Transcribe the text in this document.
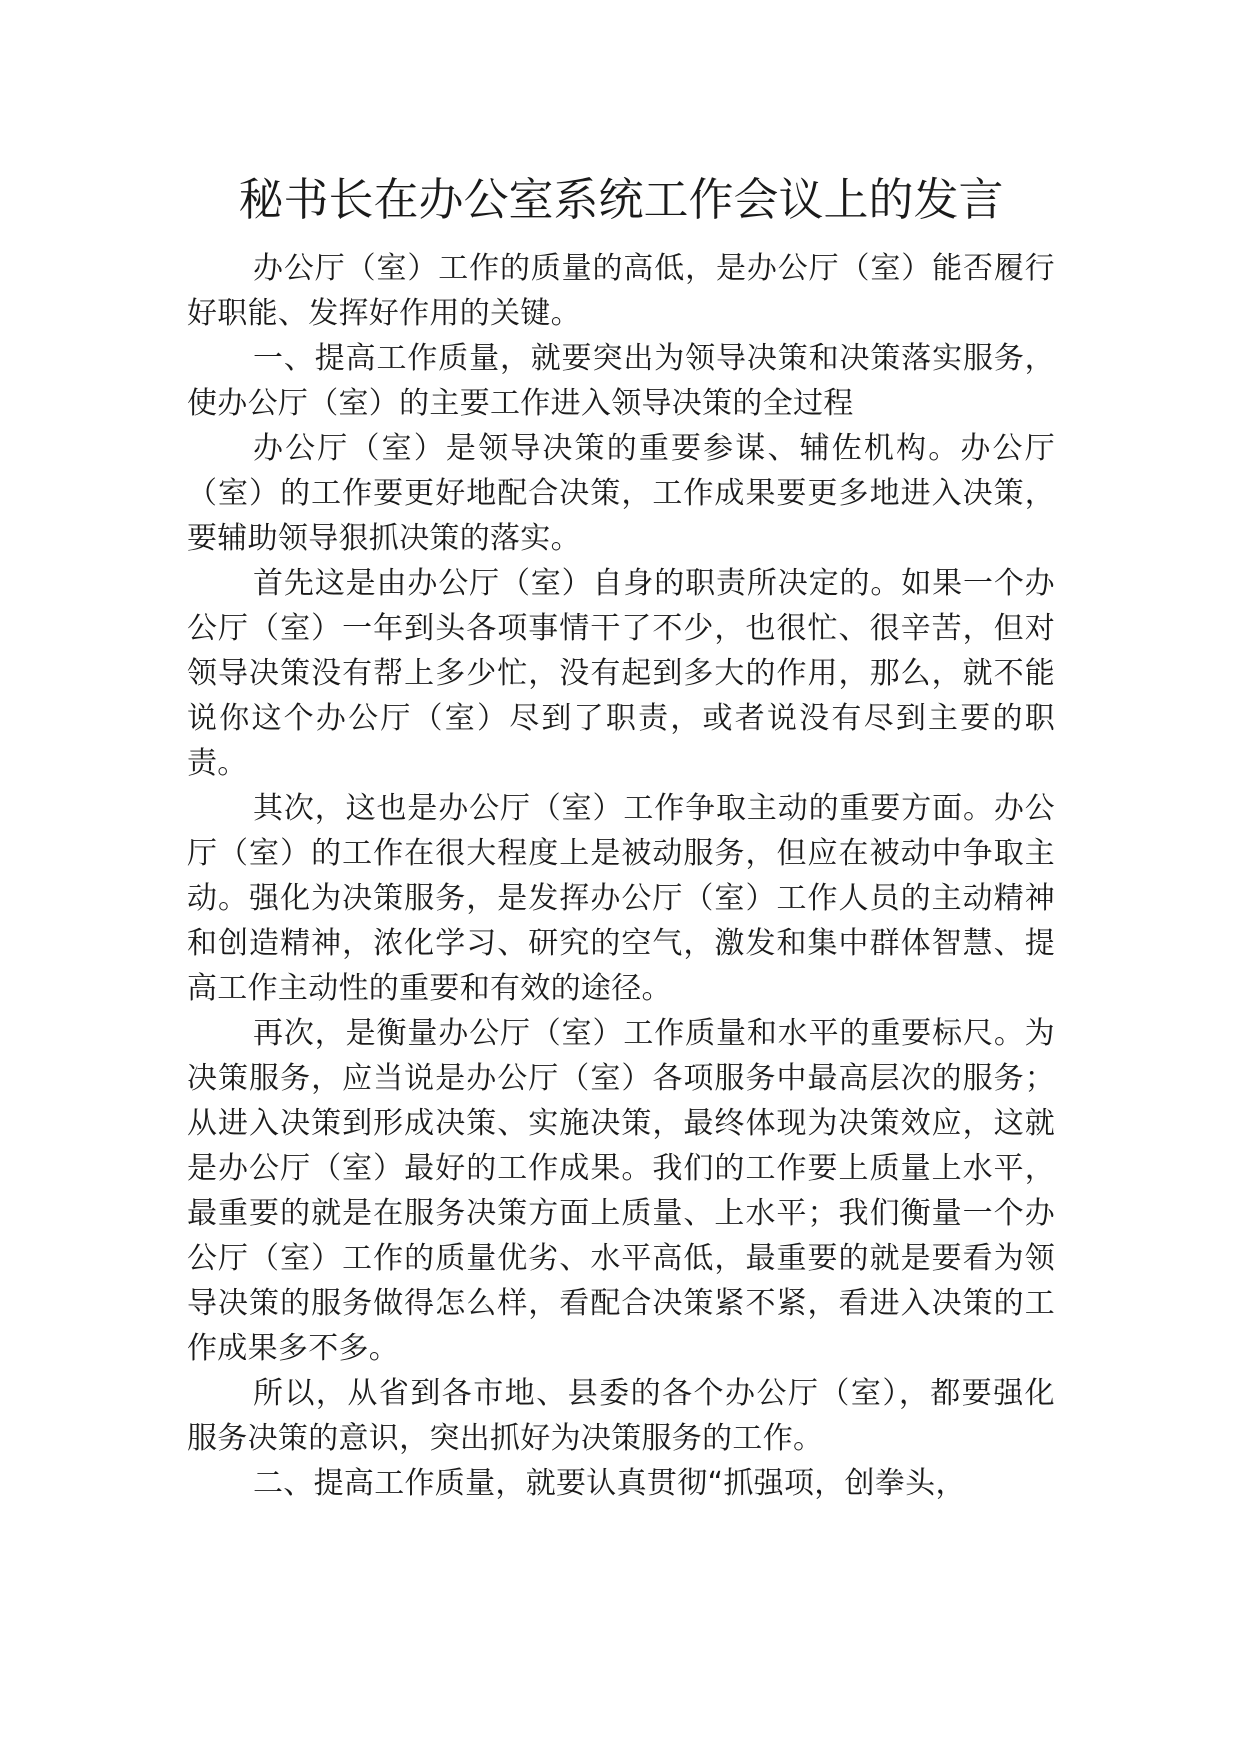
秘书长在办公室系统工作会议上的发言

办公厅（室）工作的质量的高低，是办公厅（室）能否履行好职能、发挥好作用的关键。

一、提高工作质量，就要突出为领导决策和决策落实服务，使办公厅（室）的主要工作进入领导决策的全过程

办公厅（室）是领导决策的重要参谋、辅佐机构。办公厅（室）的工作要更好地配合决策，工作成果要更多地进入决策，要辅助领导狠抓决策的落实。

首先这是由办公厅（室）自身的职责所决定的。如果一个办公厅（室）一年到头各项事情干了不少，也很忙、很辛苦，但对领导决策没有帮上多少忙，没有起到多大的作用，那么，就不能说你这个办公厅（室）尽到了职责，或者说没有尽到主要的职责。

其次，这也是办公厅（室）工作争取主动的重要方面。办公厅（室）的工作在很大程度上是被动服务，但应在被动中争取主动。强化为决策服务，是发挥办公厅（室）工作人员的主动精神和创造精神，浓化学习、研究的空气，激发和集中群体智慧、提高工作主动性的重要和有效的途径。

再次，是衡量办公厅（室）工作质量和水平的重要标尺。为决策服务，应当说是办公厅（室）各项服务中最高层次的服务；从进入决策到形成决策、实施决策，最终体现为决策效应，这就是办公厅（室）最好的工作成果。我们的工作要上质量上水平，最重要的就是在服务决策方面上质量、上水平；我们衡量一个办公厅（室）工作的质量优劣、水平高低，最重要的就是要看为领导决策的服务做得怎么样，看配合决策紧不紧，看进入决策的工作成果多不多。

所以，从省到各市地、县委的各个办公厅（室），都要强化服务决策的意识，突出抓好为决策服务的工作。

二、提高工作质量，就要认真贯彻“抓强项，创拳头，
